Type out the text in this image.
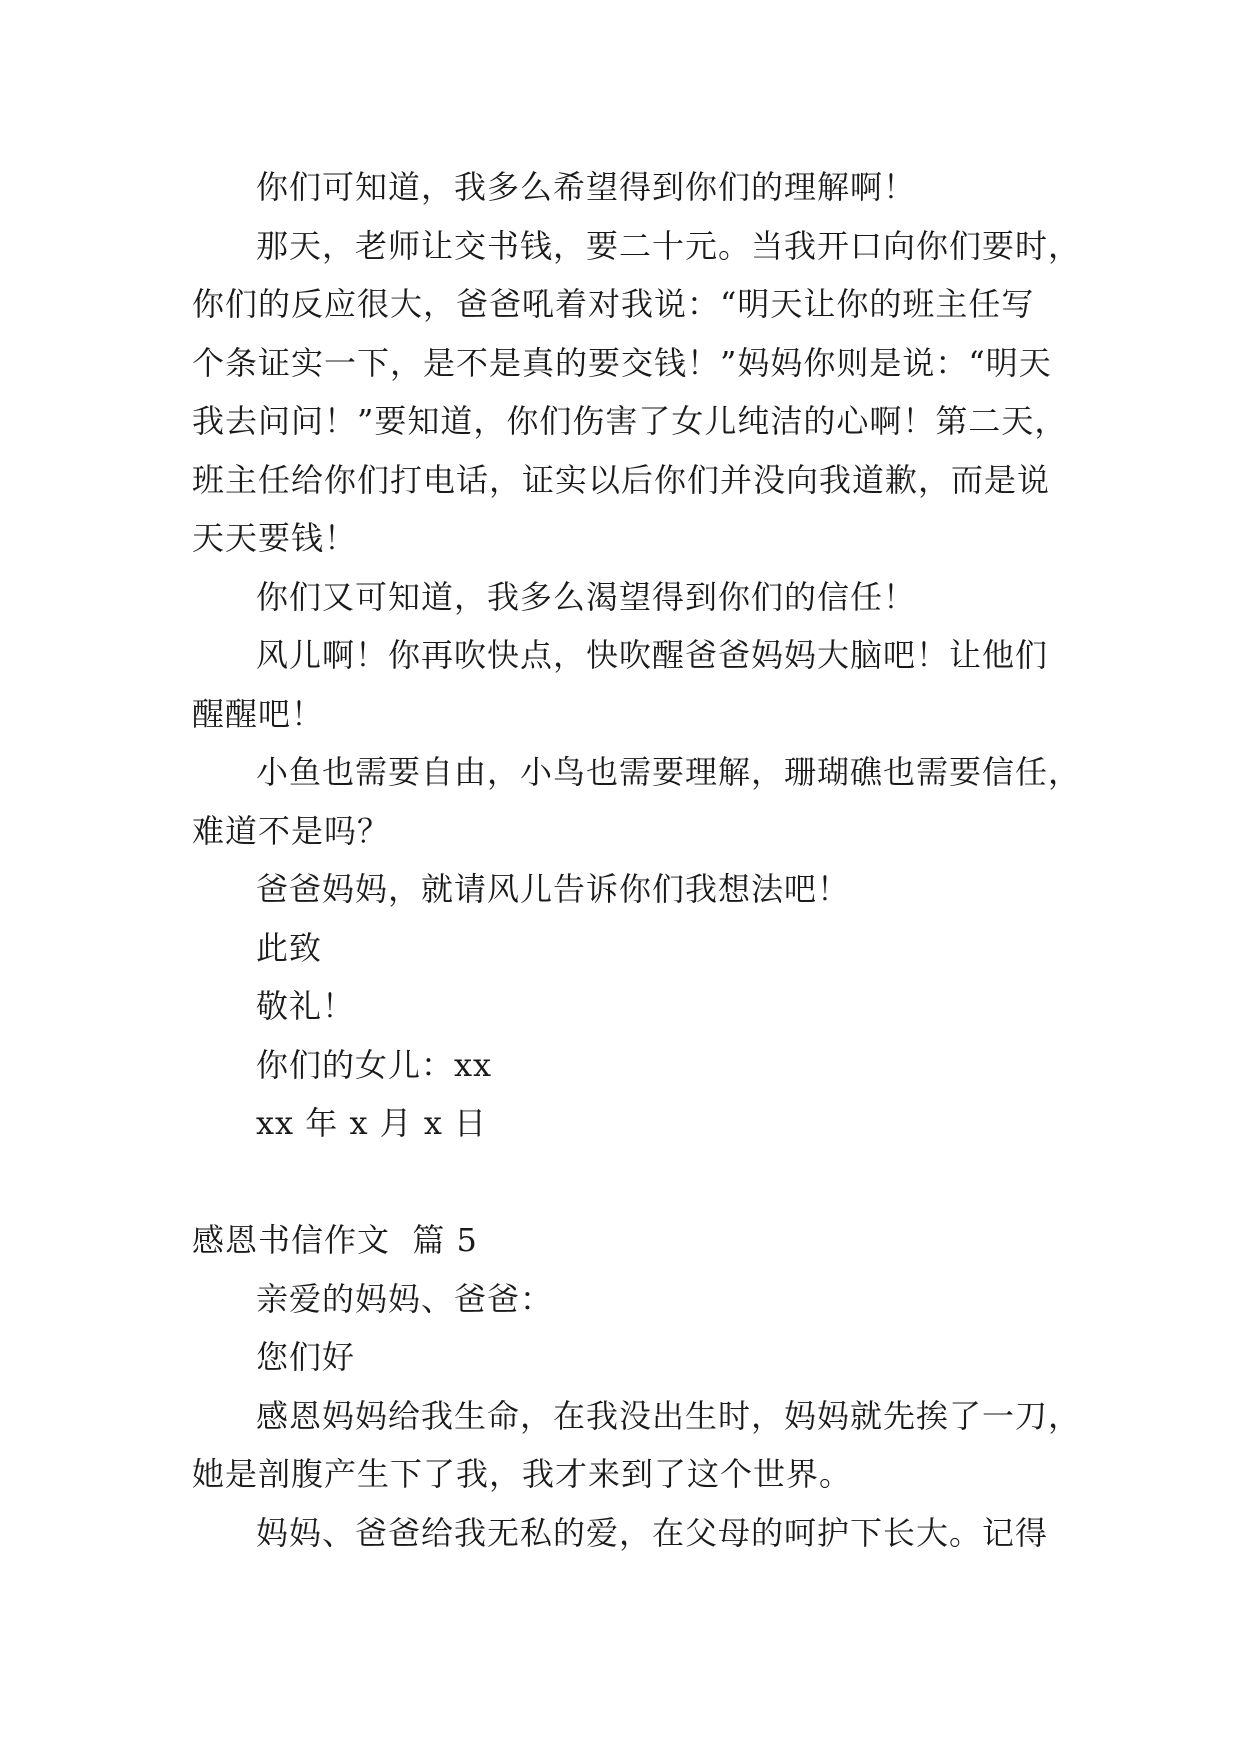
你们可知道，我多么希望得到你们的理解啊！
那天，老师让交书钱，要二十元。当我开口向你们要时，
你们的反应很大，爸爸吼着对我说：“明天让你的班主任写
个条证实一下，是不是真的要交钱！”妈妈你则是说：“明天
我去问问！”要知道，你们伤害了女儿纯洁的心啊！第二天，
班主任给你们打电话，证实以后你们并没向我道歉，而是说
天天要钱！
你们又可知道，我多么渴望得到你们的信任！
风儿啊！你再吹快点，快吹醒爸爸妈妈大脑吧！让他们
醒醒吧！
小鱼也需要自由，小鸟也需要理解，珊瑚礁也需要信任，
难道不是吗？
爸爸妈妈，就请风儿告诉你们我想法吧！
此致
敬礼！
你们的女儿：xx
xx 年 x 月 x 日
感恩书信作文  篇 5
亲爱的妈妈、爸爸：
您们好
感恩妈妈给我生命，在我没出生时，妈妈就先挨了一刀，
她是剖腹产生下了我，我才来到了这个世界。
妈妈、爸爸给我无私的爱，在父母的呵护下长大。记得
